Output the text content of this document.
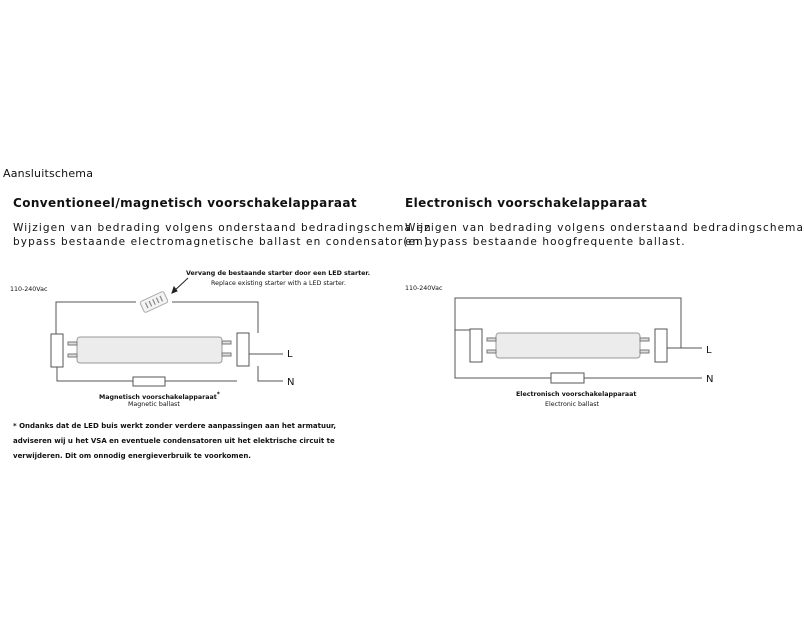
Aansluitschema
Conventioneel/magnetisch voorschakelapparaat
Wijzigen van bedrading volgens onderstaand bedradingschema en
bypass bestaande electromagnetische ballast en condensator(en).
110-240Vac
Vervang de bestaande starter door een LED starter.
Replace existing starter with a LED starter.
L
N
Magnetisch voorschakelapparaat*
Magnetic ballast
* Ondanks dat de LED buis werkt zonder verdere aanpassingen aan het armatuur,
adviseren wij u het VSA en eventuele condensatoren uit het elektrische circuit te
verwijderen. Dit om onnodig energieverbruik te voorkomen.
Electronisch voorschakelapparaat
Wijzigen van bedrading volgens onderstaand bedradingschema
en bypass bestaande hoogfrequente ballast.
110-240Vac
L
N
Electronisch voorschakelapparaat
Electronic ballast
